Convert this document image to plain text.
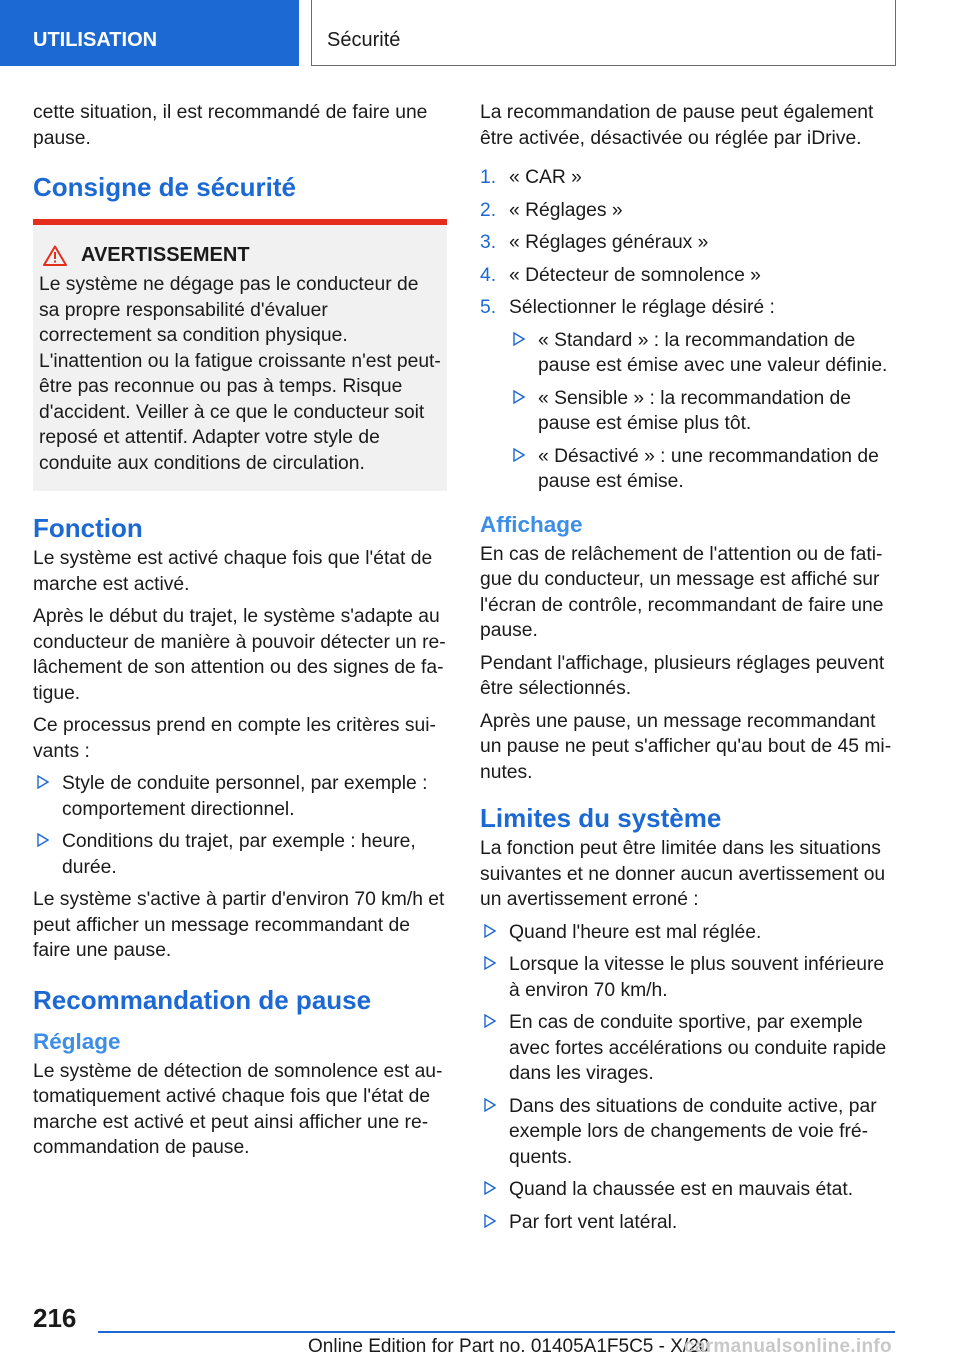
UTILISATION	Sécurité

cette situation, il est recommandé de faire une pause.

Consigne de sécurité
AVERTISSEMENT

Le système ne dégage pas le conducteur de sa propre responsabilité d'évaluer correctement sa condition physique. L'inattention ou la fatigue croissante n'est peut-être pas reconnue ou pas à temps. Risque d'accident. Veiller à ce que le conducteur soit reposé et attentif. Adapter votre style de conduite aux conditions de circulation.

Fonction

Le système est activé chaque fois que l'état de marche est activé.

Après le début du trajet, le système s'adapte au conducteur de manière à pouvoir détecter un relâchement de son attention ou des signes de fatigue.

Ce processus prend en compte les critères suivants :

Style de conduite personnel, par exemple : comportement directionnel.
Conditions du trajet, par exemple : heure, durée.

Le système s'active à partir d'environ 70 km/h et peut afficher un message recommandant de faire une pause.

Recommandation de pause
Réglage

Le système de détection de somnolence est automatiquement activé chaque fois que l'état de marche est activé et peut ainsi afficher une recommandation de pause.

La recommandation de pause peut également être activée, désactivée ou réglée par iDrive.

1. « CAR »
2. « Réglages »
3. « Réglages généraux »
4. « Détecteur de somnolence »
5. Sélectionner le réglage désiré :
« Standard » : la recommandation de pause est émise avec une valeur définie.
« Sensible » : la recommandation de pause est émise plus tôt.
« Désactivé » : une recommandation de pause est émise.
Affichage

En cas de relâchement de l'attention ou de fatigue du conducteur, un message est affiché sur l'écran de contrôle, recommandant de faire une pause.

Pendant l'affichage, plusieurs réglages peuvent être sélectionnés.

Après une pause, un message recommandant un pause ne peut s'afficher qu'au bout de 45 minutes.

Limites du système

La fonction peut être limitée dans les situations suivantes et ne donner aucun avertissement ou un avertissement erroné :

Quand l'heure est mal réglée.
Lorsque la vitesse le plus souvent inférieure à environ 70 km/h.
En cas de conduite sportive, par exemple avec fortes accélérations ou conduite rapide dans les virages.
Dans des situations de conduite active, par exemple lors de changements de voie fréquents.
Quand la chaussée est en mauvais état.
Par fort vent latéral.
216
Online Edition for Part no. 01405A1F5C5 - X/20
carmanualsonline.info
